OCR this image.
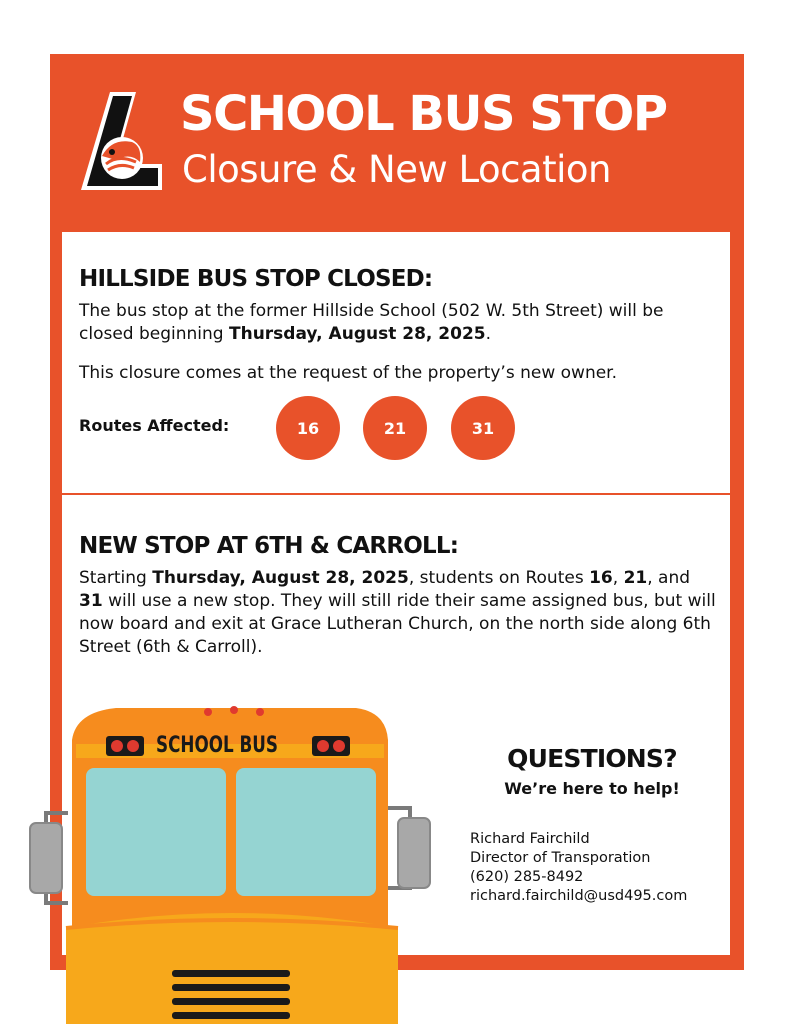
SCHOOL BUS STOP
Closure & New Location
HILLSIDE BUS STOP CLOSED:

The bus stop at the former Hillside School (502 W. 5th Street) will be closed beginning Thursday, August 28, 2025.

This closure comes at the request of the property’s new owner.

Routes Affected:	16	21	31
NEW STOP AT 6TH & CARROLL:

Starting Thursday, August 28, 2025, students on Routes 16, 21, and 31 will use a new stop. They will still ride their same assigned bus, but will now board and exit at Grace Lutheran Church, on the north side along 6th Street (6th & Carroll).

QUESTIONS?
We’re here to help!
Richard Fairchild
Director of Transporation
(620) 285-8492
richard.fairchild@usd495.com
SCHOOL BUS
